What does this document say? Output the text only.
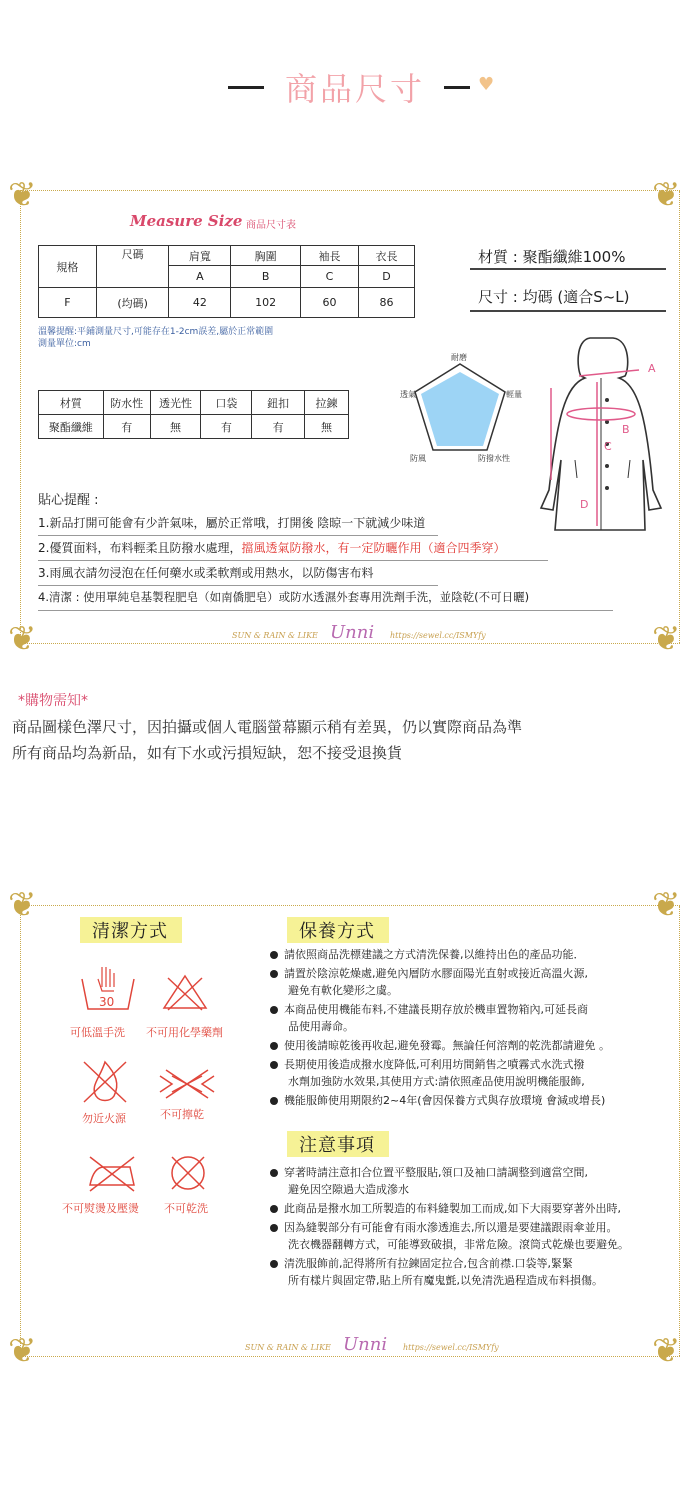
商品尺寸	♥
❦	❦
❦	❦
Measure Size 商品尺寸表
規格	尺碼	肩寬	胸圍	袖長	衣長
		A	B	C	D
F	(均碼)	42	102	60	86
材質 : 聚酯纖維100%
尺寸 : 均碼 (適合S~L)
溫馨提醒:平鋪測量尺寸,可能存在1-2cm誤差,屬於正常範圍
測量單位:cm
材質	防水性	透光性	口袋	鈕扣	拉鍊
聚酯纖維	有	無	有	有	無
耐磨
透氣	輕量
防風	防撥水性
A
B
C
D
貼心提醒 :
1.新品打開可能會有少許氣味，屬於正常哦，打開後 陰晾一下就減少味道
2.優質面料，布料輕柔且防撥水處理，擋風透氣防撥水，有一定防曬作用（適合四季穿）
3.雨風衣請勿浸泡在任何藥水或柔軟劑或用熱水，以防傷害布料
4.清潔 : 使用單純皂基製程肥皂（如南僑肥皂）或防水透濕外套專用洗劑手洗，並陰乾(不可日曬)
SUN & RAIN & LIKE Unni https://sewel.cc/ISMYfy
*購物需知*
商品圖樣色澤尺寸，因拍攝或個人電腦螢幕顯示稍有差異，仍以實際商品為準
所有商品均為新品，如有下水或污損短缺，恕不接受退換貨
❦	❦
❦	❦
清潔方式	保養方式
30
可低溫手洗 不可用化學藥劑
勿近火源	不可擰乾
不可熨燙及壓燙 不可乾洗
請依照商品洗標建議之方式清洗保養,以維持出色的產品功能．
請置於陰涼乾燥處,避免內層防水膠面陽光直射或接近高溫火源,
避免有軟化變形之虞。
本商品使用機能布料,不建議長期存放於機車置物箱內,可延長商
品使用壽命。
使用後請晾乾後再收起,避免發霉。無論任何溶劑的乾洗都請避免 。
長期使用後造成撥水度降低,可利用坊間銷售之噴霧式水洗式撥
水劑加強防水效果,其使用方式:請依照產品使用說明機能服飾,
機能服飾使用期限約2~4年(會因保養方式與存放環境 會減或增長)
注意事項
穿著時請注意扣合位置平整服貼,領口及袖口請調整到適當空間,
避免因空隙過大造成滲水
此商品是撥水加工所製造的布料縫製加工而成,如下大雨要穿著外出時,
因為縫製部分有可能會有雨水滲透進去,所以還是要建議跟雨傘並用。
洗衣機器翻轉方式，可能導致破損，非常危險。滾筒式乾燥也要避免。
清洗服飾前,記得將所有拉鍊固定拉合,包含前襟.口袋等,緊緊
所有樣片與固定帶,貼上所有魔鬼氈,以免清洗過程造成布料損傷。
SUN & RAIN & LIKE Unni https://sewel.cc/ISMYfy
